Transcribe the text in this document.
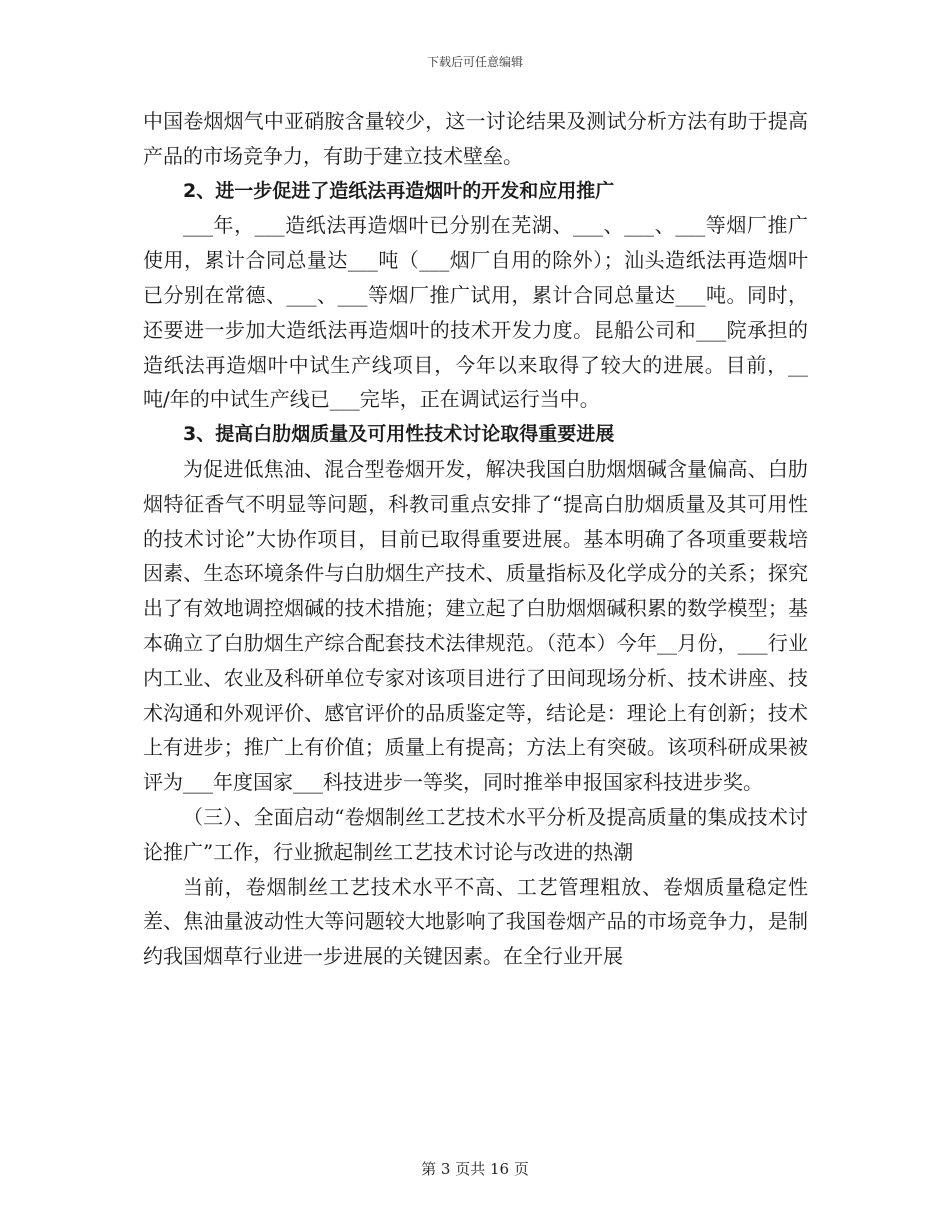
下载后可任意编辑

中国卷烟烟气中亚硝胺含量较少，这一讨论结果及测试分析方法有助于提高产品的市场竞争力，有助于建立技术壁垒。

2、进一步促进了造纸法再造烟叶的开发和应用推广

___年，___造纸法再造烟叶已分别在芜湖、___、___、___等烟厂推广使用，累计合同总量达___吨（___烟厂自用的除外）；汕头造纸法再造烟叶已分别在常德、___、___等烟厂推广试用，累计合同总量达___吨。同时，还要进一步加大造纸法再造烟叶的技术开发力度。昆船公司和___院承担的造纸法再造烟叶中试生产线项目，今年以来取得了较大的进展。目前，__吨/年的中试生产线已___完毕，正在调试运行当中。

3、提高白肋烟质量及可用性技术讨论取得重要进展

为促进低焦油、混合型卷烟开发，解决我国白肋烟烟碱含量偏高、白肋烟特征香气不明显等问题，科教司重点安排了“提高白肋烟质量及其可用性的技术讨论”大协作项目，目前已取得重要进展。基本明确了各项重要栽培因素、生态环境条件与白肋烟生产技术、质量指标及化学成分的关系；探究出了有效地调控烟碱的技术措施；建立起了白肋烟烟碱积累的数学模型；基本确立了白肋烟生产综合配套技术法律规范。（范本）今年__月份，___行业内工业、农业及科研单位专家对该项目进行了田间现场分析、技术讲座、技术沟通和外观评价、感官评价的品质鉴定等，结论是：理论上有创新；技术上有进步；推广上有价值；质量上有提高；方法上有突破。该项科研成果被评为___年度国家___科技进步一等奖，同时推举申报国家科技进步奖。

（三）、全面启动“卷烟制丝工艺技术水平分析及提高质量的集成技术讨论推广”工作，行业掀起制丝工艺技术讨论与改进的热潮

当前，卷烟制丝工艺技术水平不高、工艺管理粗放、卷烟质量稳定性差、焦油量波动性大等问题较大地影响了我国卷烟产品的市场竞争力，是制约我国烟草行业进一步进展的关键因素。在全行业开展

第 3 页共 16 页
